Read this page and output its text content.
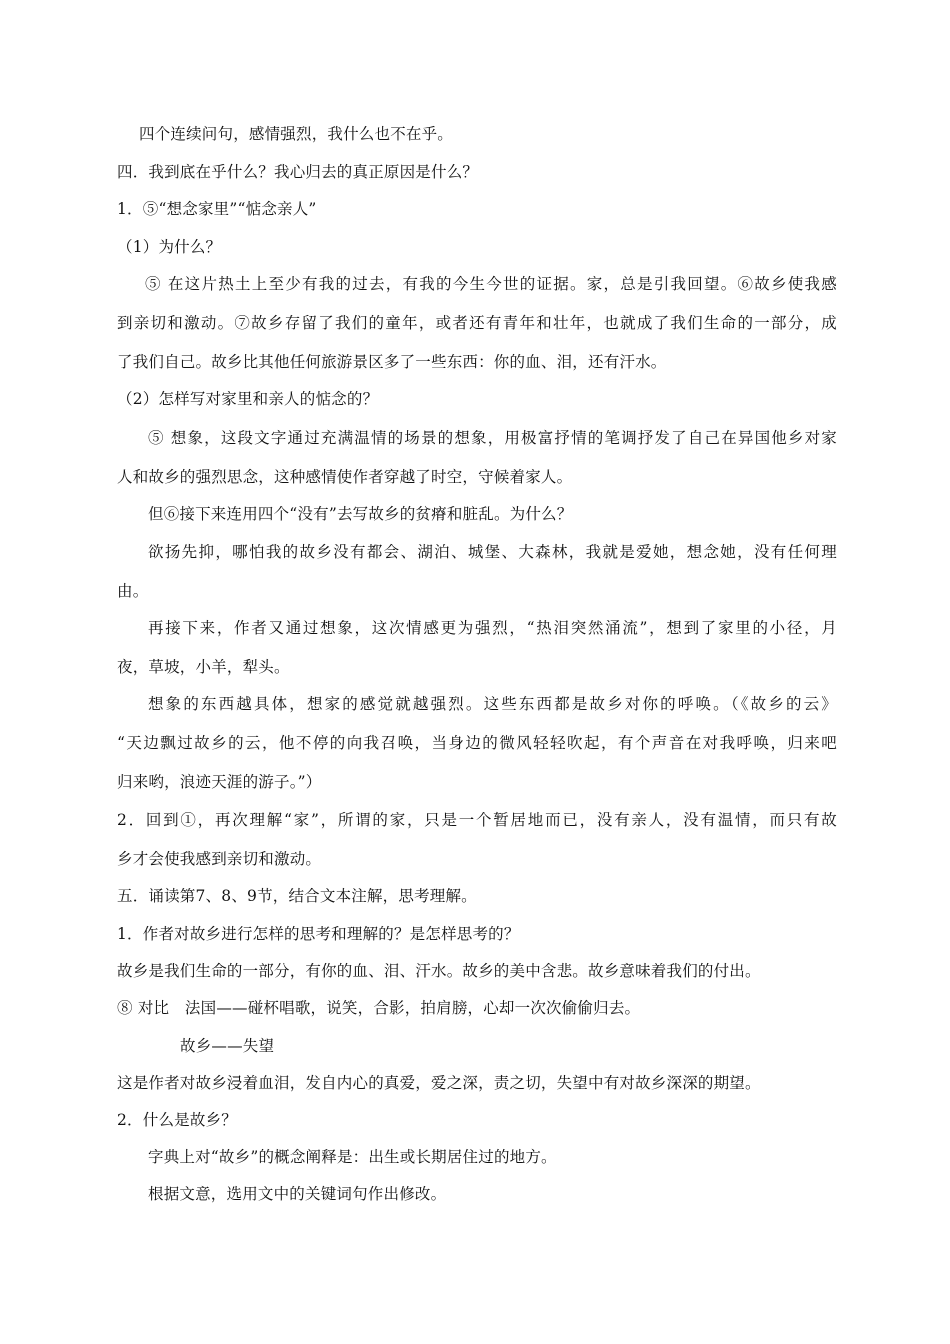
四个连续问句，感情强烈，我什么也不在乎。
四．我到底在乎什么？我心归去的真正原因是什么？
1．⑤“想念家里”“惦念亲人”
（1）为什么？
⑤ 在这片热土上至少有我的过去，有我的今生今世的证据。家，总是引我回望。⑥故乡使我感
到亲切和激动。⑦故乡存留了我们的童年，或者还有青年和壮年，也就成了我们生命的一部分，成
了我们自己。故乡比其他任何旅游景区多了一些东西：你的血、泪，还有汗水。
（2）怎样写对家里和亲人的惦念的？
⑤ 想象，这段文字通过充满温情的场景的想象，用极富抒情的笔调抒发了自己在异国他乡对家
人和故乡的强烈思念，这种感情使作者穿越了时空，守候着家人。
但⑥接下来连用四个“没有”去写故乡的贫瘠和脏乱。为什么？
欲扬先抑，哪怕我的故乡没有都会、湖泊、城堡、大森林，我就是爱她，想念她，没有任何理
由。
再接下来，作者又通过想象，这次情感更为强烈，“热泪突然涌流”，想到了家里的小径，月
夜，草坡，小羊，犁头。
想象的东西越具体，想家的感觉就越强烈。这些东西都是故乡对你的呼唤。（《故乡的云》
“天边飘过故乡的云，他不停的向我召唤，当身边的微风轻轻吹起，有个声音在对我呼唤，归来吧
归来哟，浪迹天涯的游子。”）
2．回到①，再次理解“家”，所谓的家，只是一个暂居地而已，没有亲人，没有温情，而只有故
乡才会使我感到亲切和激动。
五．诵读第7、8、9节，结合文本注解，思考理解。
1．作者对故乡进行怎样的思考和理解的？是怎样思考的？
故乡是我们生命的一部分，有你的血、泪、汗水。故乡的美中含悲。故乡意味着我们的付出。
⑧ 对比　法国——碰杯唱歌，说笑，合影，拍肩膀，心却一次次偷偷归去。
故乡——失望
这是作者对故乡浸着血泪，发自内心的真爱，爱之深，责之切，失望中有对故乡深深的期望。
2．什么是故乡？
字典上对“故乡”的概念阐释是：出生或长期居住过的地方。
根据文意，选用文中的关键词句作出修改。
